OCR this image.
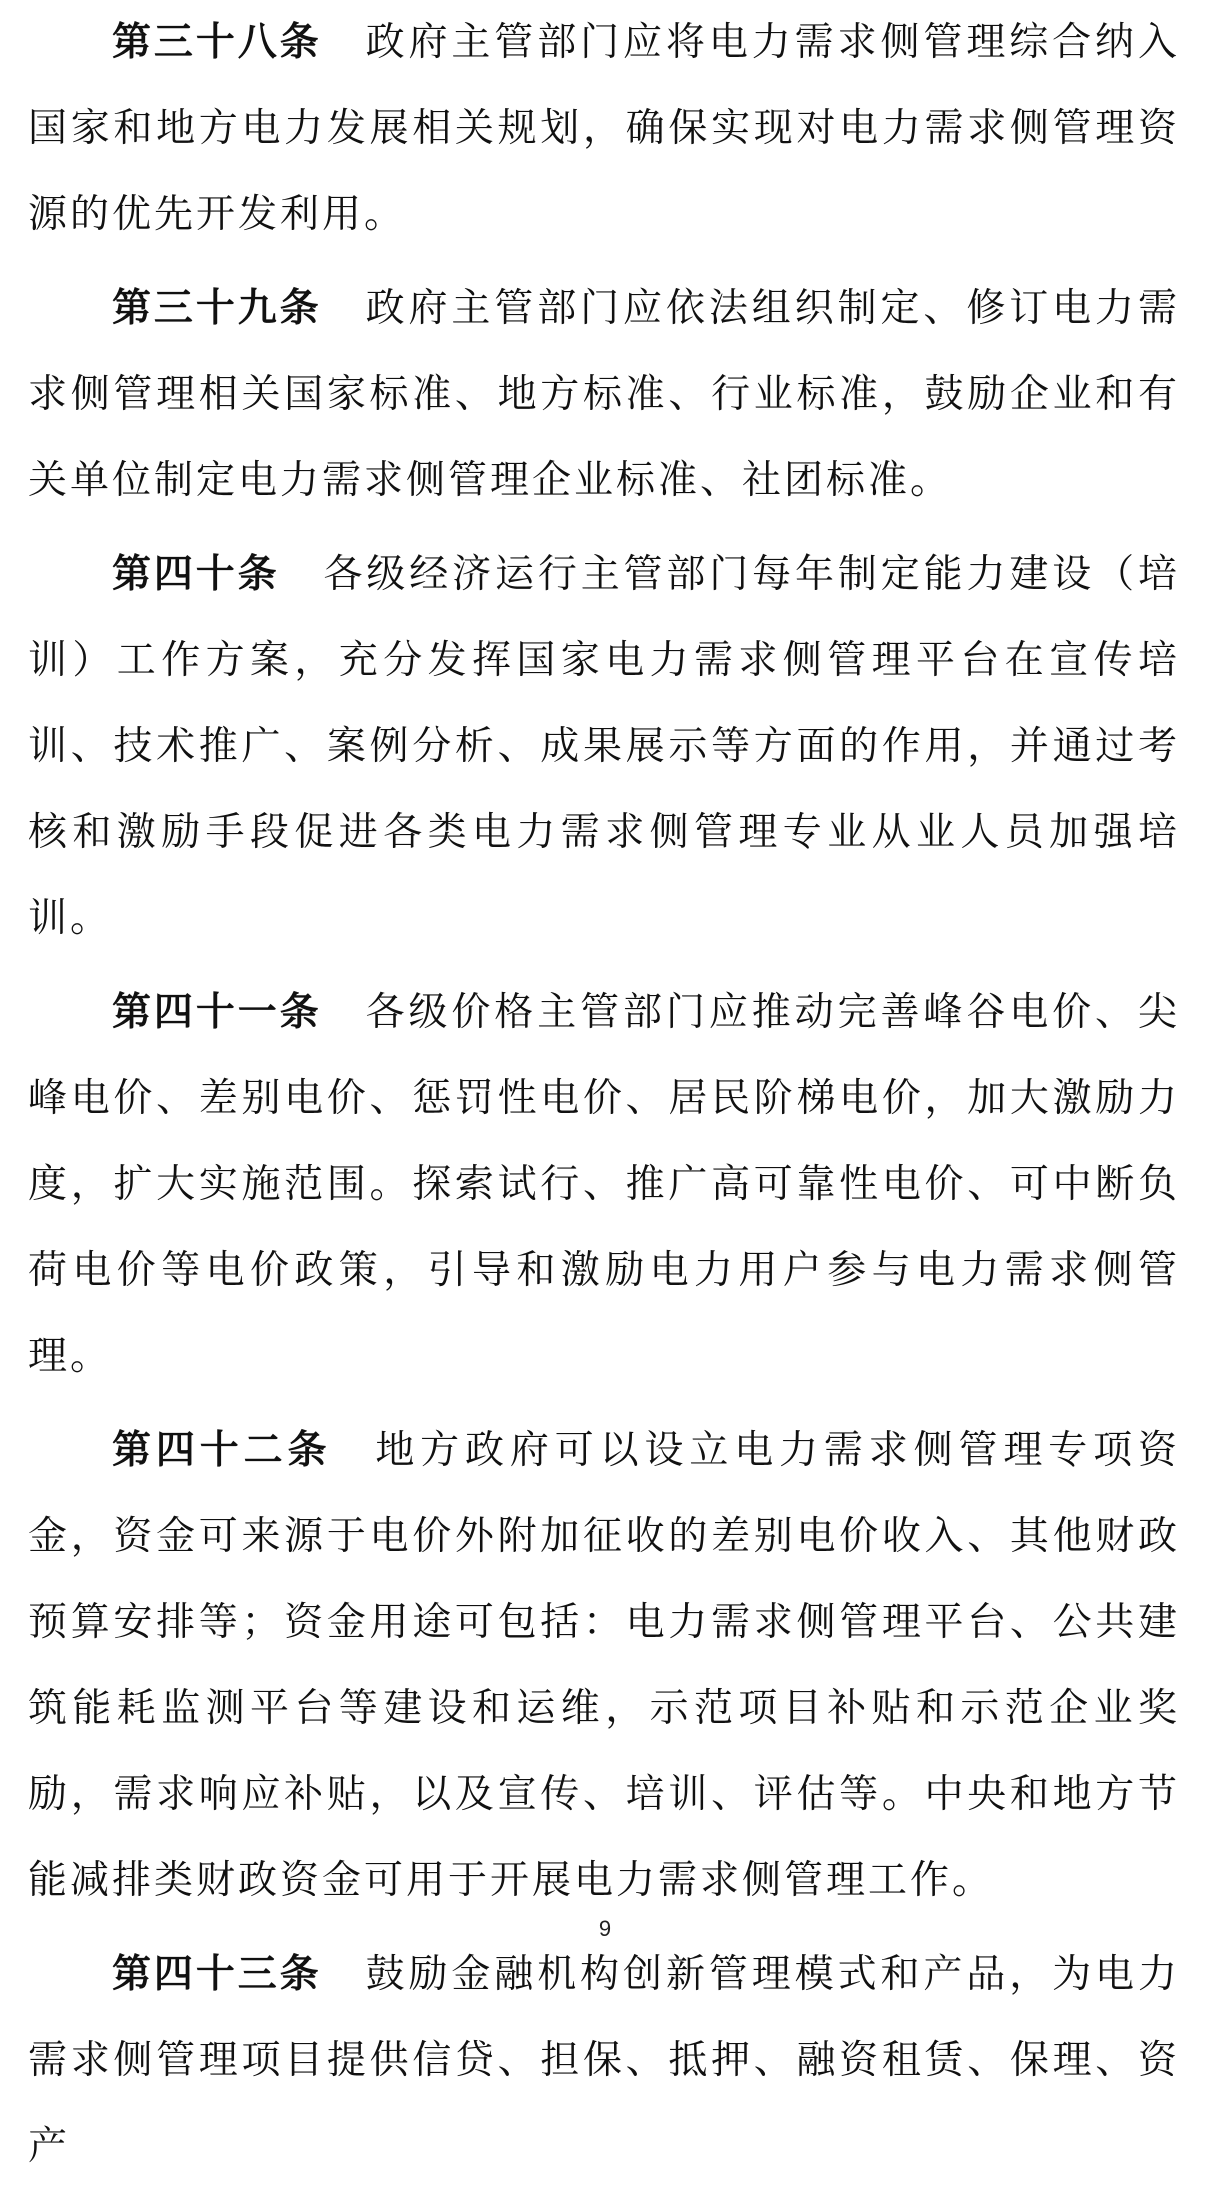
第三十八条 政府主管部门应将电力需求侧管理综合纳入国家和地方电力发展相关规划，确保实现对电力需求侧管理资源的优先开发利用。

第三十九条 政府主管部门应依法组织制定、修订电力需求侧管理相关国家标准、地方标准、行业标准，鼓励企业和有关单位制定电力需求侧管理企业标准、社团标准。

第四十条 各级经济运行主管部门每年制定能力建设（培训）工作方案，充分发挥国家电力需求侧管理平台在宣传培训、技术推广、案例分析、成果展示等方面的作用，并通过考核和激励手段促进各类电力需求侧管理专业从业人员加强培训。

第四十一条 各级价格主管部门应推动完善峰谷电价、尖峰电价、差别电价、惩罚性电价、居民阶梯电价，加大激励力度，扩大实施范围。探索试行、推广高可靠性电价、可中断负荷电价等电价政策，引导和激励电力用户参与电力需求侧管理。

第四十二条 地方政府可以设立电力需求侧管理专项资金，资金可来源于电价外附加征收的差别电价收入、其他财政预算安排等；资金用途可包括：电力需求侧管理平台、公共建筑能耗监测平台等建设和运维，示范项目补贴和示范企业奖励，需求响应补贴，以及宣传、培训、评估等。中央和地方节能减排类财政资金可用于开展电力需求侧管理工作。

第四十三条 鼓励金融机构创新管理模式和产品，为电力需求侧管理项目提供信贷、担保、抵押、融资租赁、保理、资产

9
